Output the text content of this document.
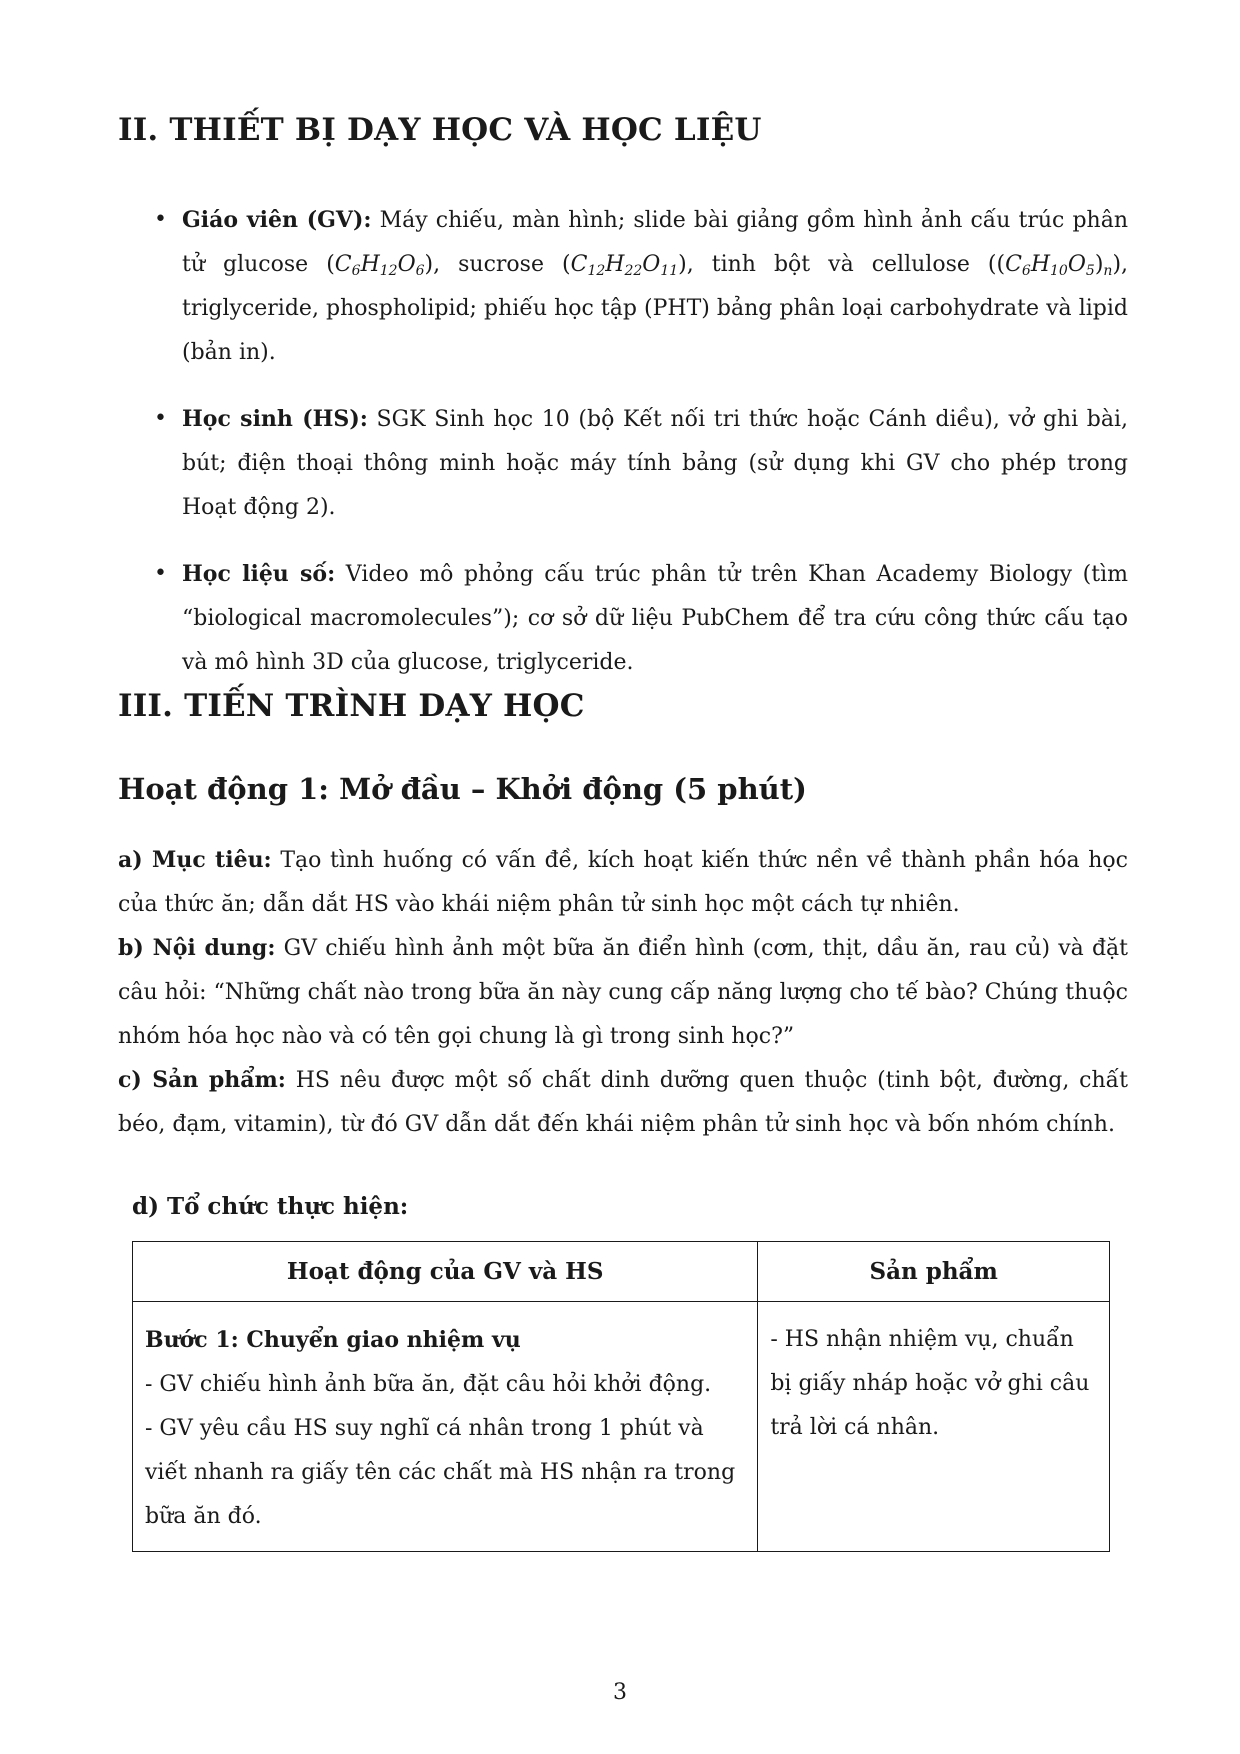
II. THIẾT BỊ DẠY HỌC VÀ HỌC LIỆU
• Giáo viên (GV): Máy chiếu, màn hình; slide bài giảng gồm hình ảnh cấu trúc phân tử glucose $(C_6H_{12}O_6)$, sucrose $(C_{12}H_{22}O_{11})$, tinh bột và cellulose $((C_6H_{10}O_5)_n)$, triglyceride, phospholipid; phiếu học tập (PHT) bảng phân loại carbohydrate và lipid (bản in).
• Học sinh (HS): SGK Sinh học 10 (bộ Kết nối tri thức hoặc Cánh diều), vở ghi bài, bút; điện thoại thông minh hoặc máy tính bảng (sử dụng khi GV cho phép trong Hoạt động 2).
• Học liệu số: Video mô phỏng cấu trúc phân tử trên Khan Academy Biology (tìm “biological macromolecules”); cơ sở dữ liệu PubChem để tra cứu công thức cấu tạo và mô hình 3D của glucose, triglyceride.
III. TIẾN TRÌNH DẠY HỌC
Hoạt động 1: Mở đầu – Khởi động (5 phút)

a) Mục tiêu: Tạo tình huống có vấn đề, kích hoạt kiến thức nền về thành phần hóa học của thức ăn; dẫn dắt HS vào khái niệm phân tử sinh học một cách tự nhiên.

b) Nội dung: GV chiếu hình ảnh một bữa ăn điển hình (cơm, thịt, dầu ăn, rau củ) và đặt câu hỏi: “Những chất nào trong bữa ăn này cung cấp năng lượng cho tế bào? Chúng thuộc nhóm hóa học nào và có tên gọi chung là gì trong sinh học?”

c) Sản phẩm: HS nêu được một số chất dinh dưỡng quen thuộc (tinh bột, đường, chất béo, đạm, vitamin), từ đó GV dẫn dắt đến khái niệm phân tử sinh học và bốn nhóm chính.

d) Tổ chức thực hiện:

Hoạt động của GV và HS	Sản phẩm
Bước 1: Chuyển giao nhiệm vụ
- GV chiếu hình ảnh bữa ăn, đặt câu hỏi khởi động.
- GV yêu cầu HS suy nghĩ cá nhân trong 1 phút và viết nhanh ra giấy tên các chất mà HS nhận ra trong bữa ăn đó.	- HS nhận nhiệm vụ, chuẩn bị giấy nháp hoặc vở ghi câu trả lời cá nhân.
3
